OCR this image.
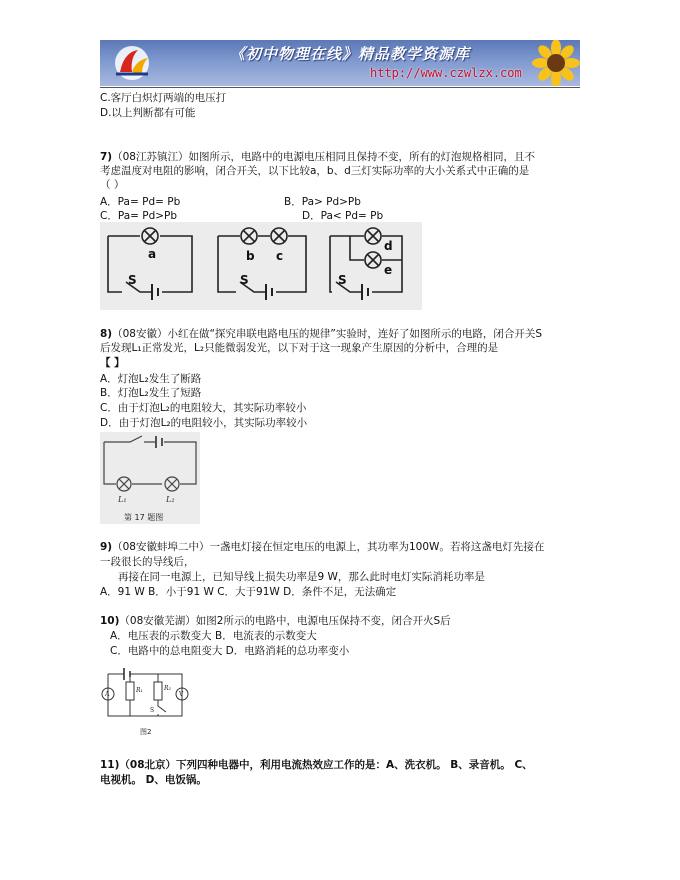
《初中物理在线》精品教学资源库
http://www.czwlzx.com
C.客厅白炽灯两端的电压打
D.以上判断都有可能
7)（08江苏镇江）如图所示，电路中的电源电压相同且保持不变，所有的灯泡规格相同，且不
考虑温度对电阻的影响，闭合开关，以下比较a，b、d三灯实际功率的大小关系式中正确的是
（ ）
A．Pa= Pd= Pb	B．Pa> Pd>Pb
C．Pa= Pd>Pb	D．Pa< Pd= Pb
a	b c
d
e
S	S	S
8)（08安徽）小红在做“探究串联电路电压的规律”实验时，连好了如图所示的电路，闭合开关S
后发现L₁正常发光，L₂只能微弱发光，以下对于这一现象产生原因的分析中，合理的是
【 】
A．灯泡L₂发生了断路
B．灯泡L₂发生了短路
C．由于灯泡L₂的电阻较大，其实际功率较小
D．由于灯泡L₂的电阻较小，其实际功率较小
L₁	L₂
第 17 题图
9)（08安徽蚌埠二中）一盏电灯接在恒定电压的电源上，其功率为100W。若将这盏电灯先接在
一段很长的导线后，
再接在同一电源上，已知导线上损失功率是9 W，那么此时电灯实际消耗功率是
A．91 W B．小于91 W C．大于91W D．条件不足，无法确定
10)（08安徽芜湖）如图2所示的电路中，电源电压保持不变，闭合开火S后
A．电压表的示数变大 B．电流表的示数变大
C．电路中的总电阻变大 D．电路消耗的总功率变小
A	V
R₁	R₂
S
图2
11)（08北京）下列四种电器中，利用电流热效应工作的是：A、洗衣机。 B、录音机。 C、
电视机。 D、电饭锅。
